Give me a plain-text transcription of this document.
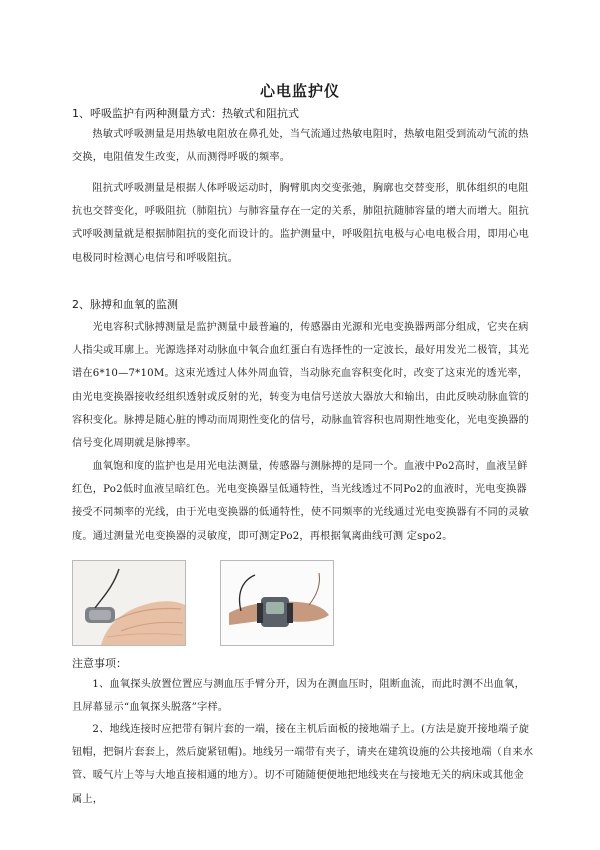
心电监护仪
1、呼吸监护有两种测量方式：热敏式和阻抗式
热敏式呼吸测量是用热敏电阻放在鼻孔处，当气流通过热敏电阻时，热敏电阻受到流动气流的热交换，电阻值发生改变，从而测得呼吸的频率。
阻抗式呼吸测量是根据人体呼吸运动时，胸臂肌肉交变张弛，胸廓也交替变形，肌体组织的电阻抗也交替变化，呼吸阻抗（肺阻抗）与肺容量存在一定的关系，肺阻抗随肺容量的增大而增大。阻抗式呼吸测量就是根据肺阻抗的变化而设计的。监护测量中，呼吸阻抗电极与心电电极合用，即用心电电极同时检测心电信号和呼吸阻抗。
2、脉搏和血氧的监测
光电容积式脉搏测量是监护测量中最普遍的，传感器由光源和光电变换器两部分组成，它夹在病人指尖或耳廓上。光源选择对动脉血中氧合血红蛋白有选择性的一定波长，最好用发光二极管，其光谱在6*10—7*10M。这束光透过人体外周血管，当动脉充血容积变化时，改变了这束光的透光率，由光电变换器接收经组织透射或反射的光，转变为电信号送放大器放大和输出，由此反映动脉血管的容积变化。脉搏是随心脏的博动而周期性变化的信号，动脉血管容积也周期性地变化，光电变换器的信号变化周期就是脉搏率。
血氧饱和度的监护也是用光电法测量，传感器与测脉搏的是同一个。血液中Po2高时，血液呈鲜红色，Po2低时血液呈暗红色。光电变换器呈低通特性，当光线透过不同Po2的血液时，光电变换器接受不同频率的光线，由于光电变换器的低通特性，使不同频率的光线通过光电变换器有不同的灵敏度。通过测量光电变换器的灵敏度，即可测定Po2，再根据氧离曲线可测 定spo2。
注意事项：
1、血氧探头放置位置应与测血压手臂分开，因为在测血压时，阻断血流，而此时测不出血氧，且屏幕显示“血氧探头脱落”字样。
2、地线连接时应把带有铜片套的一端，接在主机后面板的接地端子上。(方法是旋开接地端子旋钮帽，把铜片套套上，然后旋紧钮帽)。地线另一端带有夹子，请夹在建筑设施的公共接地端（自来水管、暖气片上等与大地直接相通的地方）。切不可随随便便地把地线夹在与接地无关的病床或其他金属上，
